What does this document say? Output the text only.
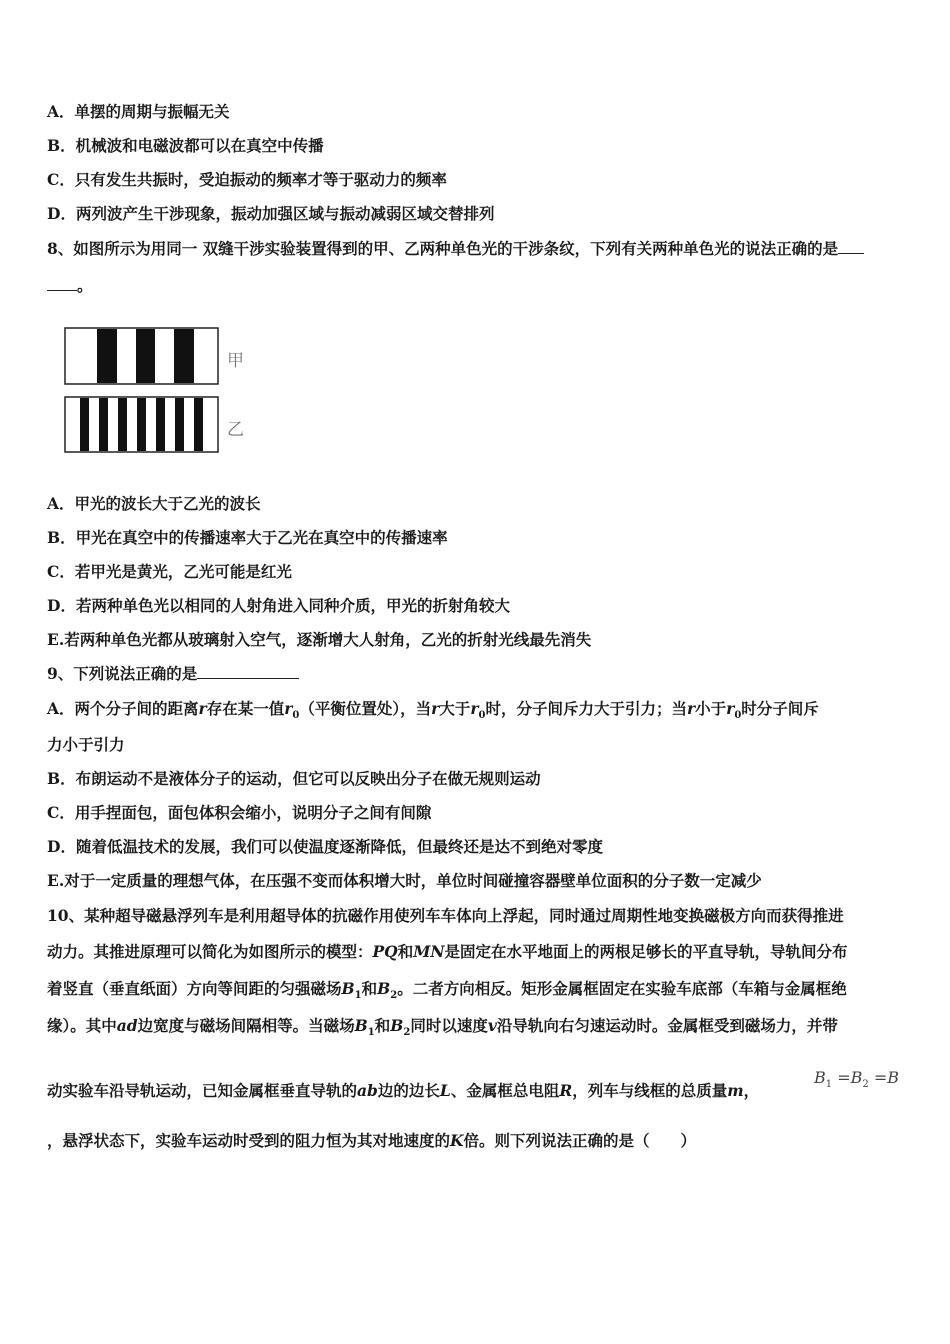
A．单摆的周期与振幅无关
B．机械波和电磁波都可以在真空中传播
C．只有发生共振时，受迫振动的频率才等于驱动力的频率
D．两列波产生干涉现象，振动加强区域与振动减弱区域交替排列
8、如图所示为用同一 双缝干涉实验装置得到的甲、乙两种单色光的干涉条纹，下列有关两种单色光的说法正确的是
。
甲
乙
A．甲光的波长大于乙光的波长
B．甲光在真空中的传播速率大于乙光在真空中的传播速率
C．若甲光是黄光，乙光可能是红光
D．若两种单色光以相同的人射角进入同种介质，甲光的折射角较大
E.若两种单色光都从玻璃射入空气，逐渐增大人射角，乙光的折射光线最先消失
9、下列说法正确的是
A．两个分子间的距离r存在某一值$r_0$（平衡位置处），当r大于$r_0$时，分子间斥力大于引力；当r小于$r_0$时分子间斥
力小于引力
B．布朗运动不是液体分子的运动，但它可以反映出分子在做无规则运动
C．用手捏面包，面包体积会缩小，说明分子之间有间隙
D．随着低温技术的发展，我们可以使温度逐渐降低，但最终还是达不到绝对零度
E.对于一定质量的理想气体，在压强不变而体积增大时，单位时间碰撞容器壁单位面积的分子数一定减少
10、某种超导磁悬浮列车是利用超导体的抗磁作用使列车车体向上浮起，同时通过周期性地变换磁极方向而获得推进
动力。其推进原理可以简化为如图所示的模型：PQ和MN是固定在水平地面上的两根足够长的平直导轨，导轨间分布
着竖直（垂直纸面）方向等间距的匀强磁场$B_1$和$B_2$。二者方向相反。矩形金属框固定在实验车底部（车箱与金属框绝
缘）。其中ad边宽度与磁场间隔相等。当磁场$B_1$和$B_2$同时以速度v沿导轨向右匀速运动时。金属框受到磁场力，并带
动实验车沿导轨运动，已知金属框垂直导轨的ab边的边长L、金属框总电阻R，列车与线框的总质量m，
$B_1 =B_2 =B$
，悬浮状态下，实验车运动时受到的阻力恒为其对地速度的K倍。则下列说法正确的是（　　）
